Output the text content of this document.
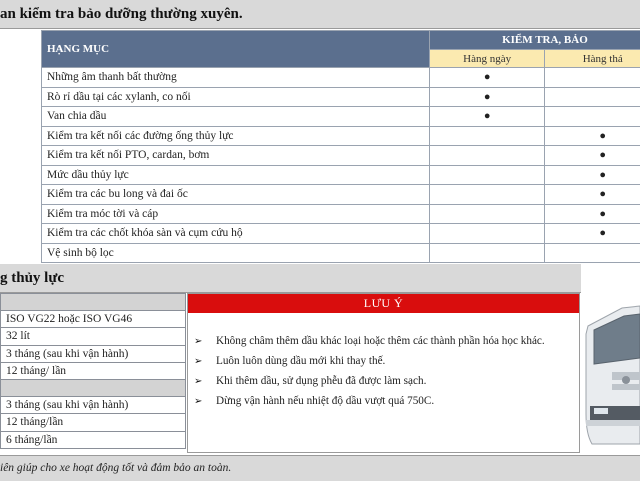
an kiểm tra bảo dưỡng thường xuyên.
HẠNG MỤC	KIỂM TRA, BẢO	
	Hàng ngày	Hàng thá
Những âm thanh bất thường	●	
Rò rỉ dầu tại các xylanh, co nối	●	
Van chia dầu	●	
Kiểm tra kết nối các đường ống thủy lực		●
Kiểm tra kết nối PTO, cardan, bơm		●
Mức dầu thủy lực		●
Kiểm tra các bu long và đai ốc		●
Kiểm tra móc tời và cáp		●
Kiểm tra các chốt khóa sàn và cụm cứu hộ		●
Vệ sinh bộ lọc		
g thủy lực

ISO VG22 hoặc ISO VG46
32 lít
3 tháng (sau khi vận hành)
12 tháng/ lần

3 tháng (sau khi vận hành)
12 tháng/lần
6 tháng/lần
LƯU Ý
➢	Không châm thêm dầu khác loại hoặc thêm các thành phần hóa học khác.
➢	Luôn luôn dùng dầu mới khi thay thế.
➢	Khi thêm dầu, sử dụng phễu đã được làm sạch.
➢	Dừng vận hành nếu nhiệt độ dầu vượt quá 750C.
iên giúp cho xe hoạt động tốt và đảm bảo an toàn.
